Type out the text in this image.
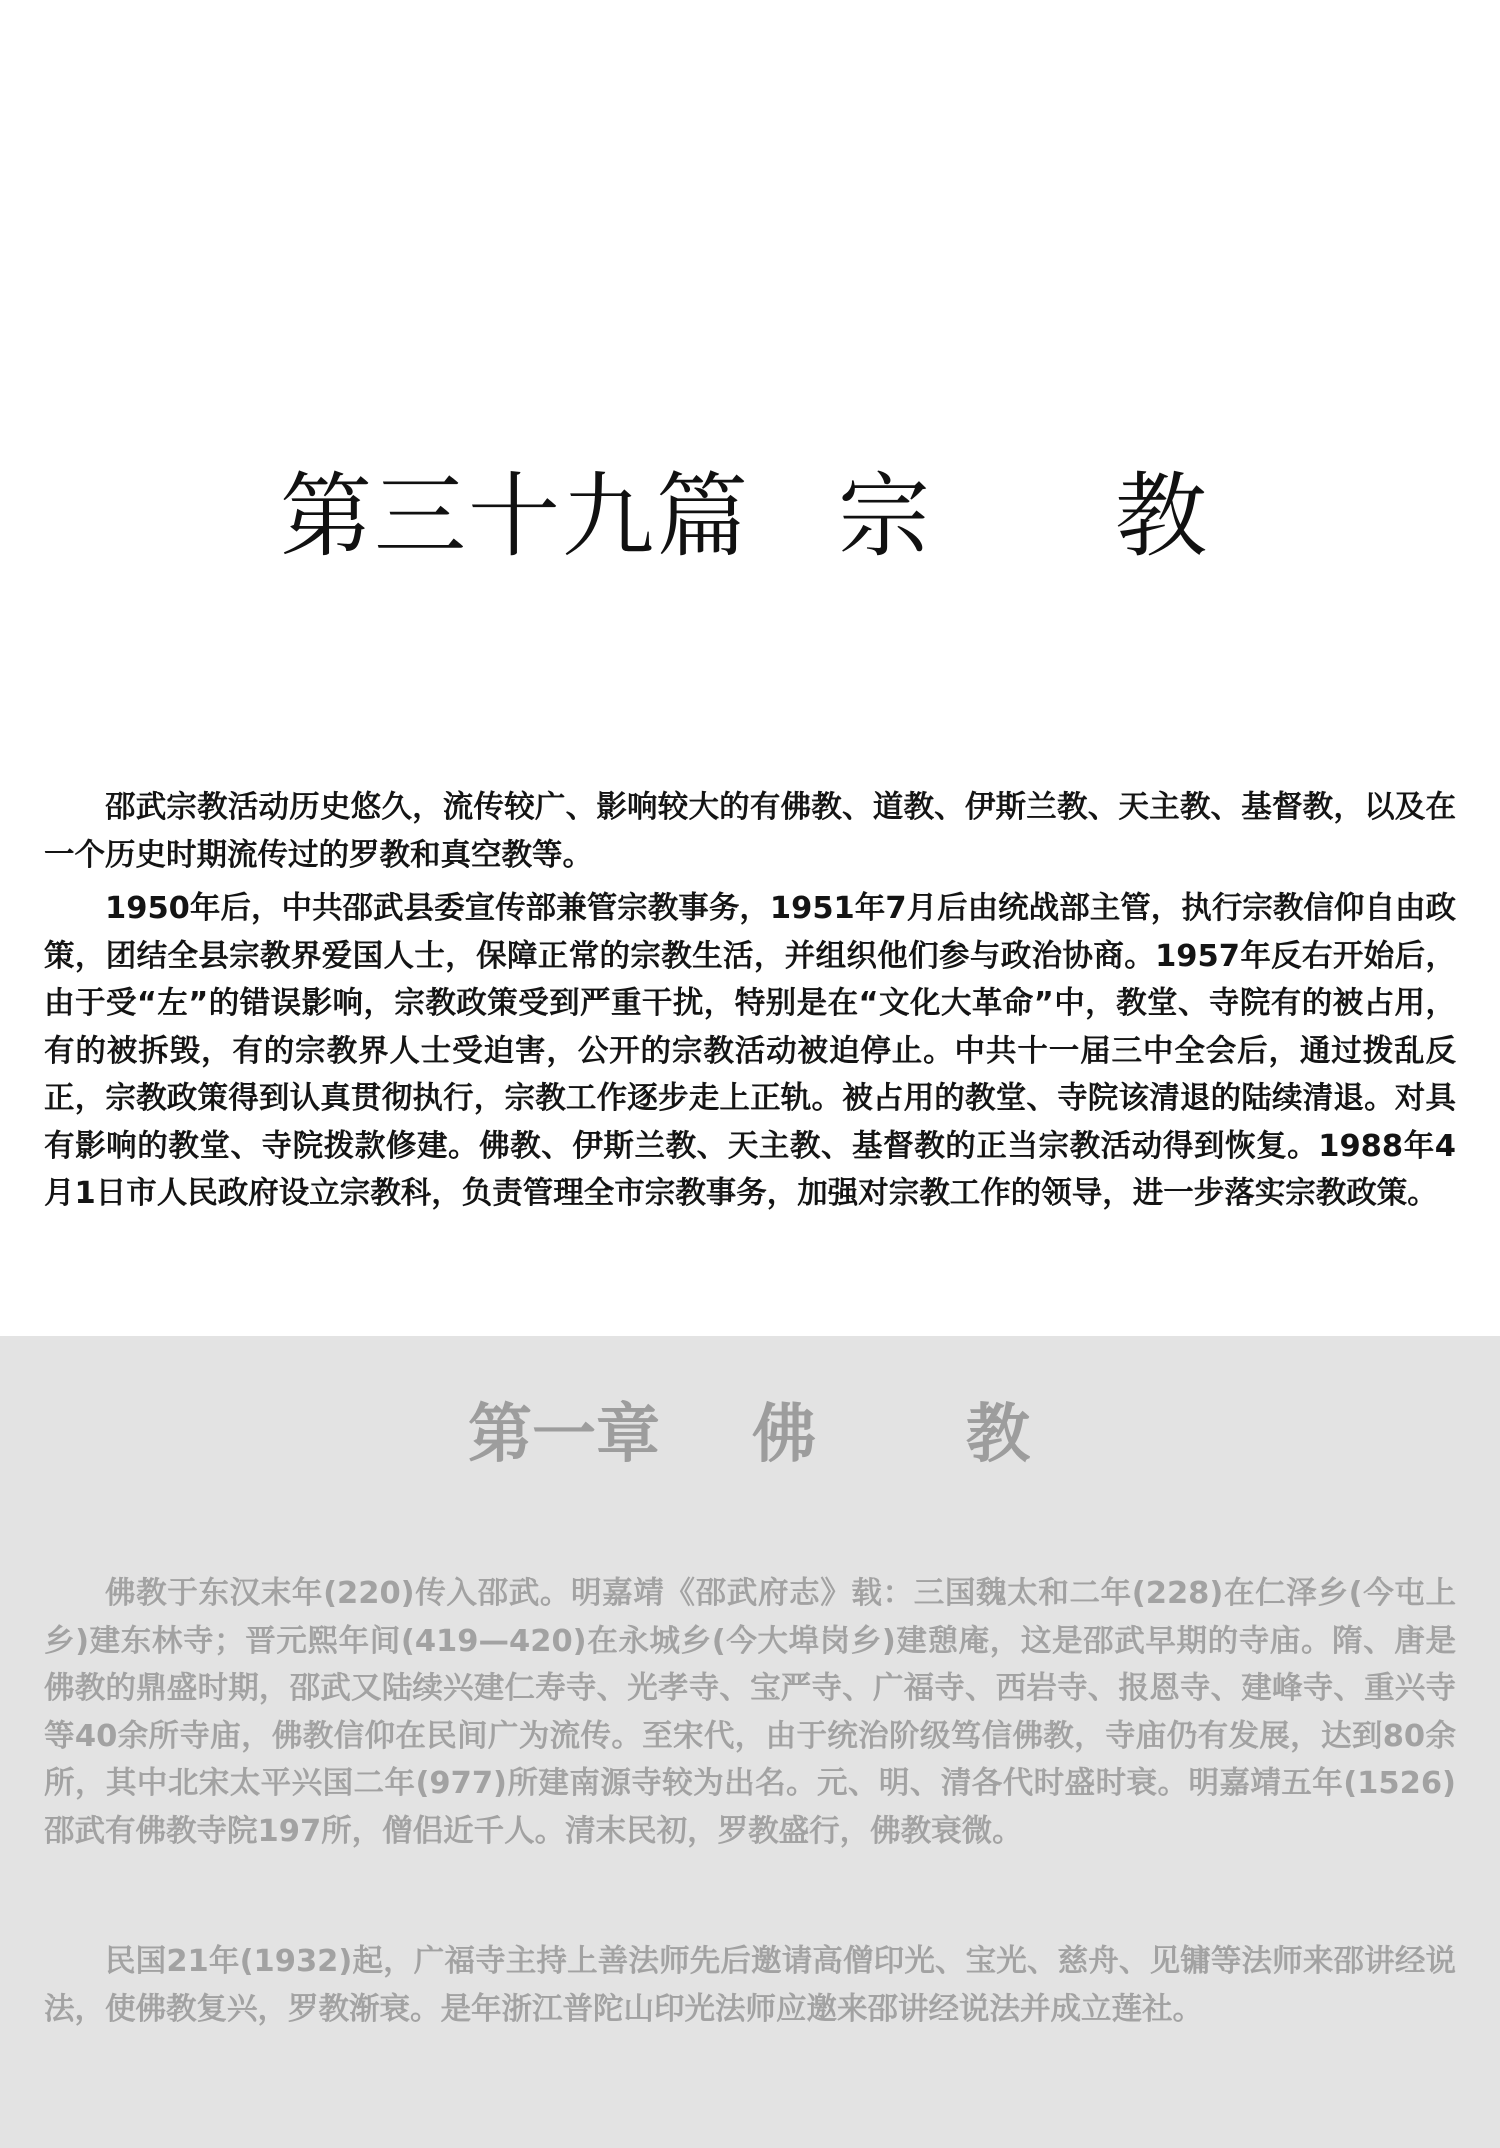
第三十九篇 宗 教

邵武宗教活动历史悠久，流传较广、影响较大的有佛教、道教、伊斯兰教、天主教、基督教，以及在一个历史时期流传过的罗教和真空教等。

1950年后，中共邵武县委宣传部兼管宗教事务，1951年7月后由统战部主管，执行宗教信仰自由政策，团结全县宗教界爱国人士，保障正常的宗教生活，并组织他们参与政治协商。1957年反右开始后，由于受“左”的错误影响，宗教政策受到严重干扰，特别是在“文化大革命”中，教堂、寺院有的被占用，有的被拆毁，有的宗教界人士受迫害，公开的宗教活动被迫停止。中共十一届三中全会后，通过拨乱反正，宗教政策得到认真贯彻执行，宗教工作逐步走上正轨。被占用的教堂、寺院该清退的陆续清退。对具有影响的教堂、寺院拨款修建。佛教、伊斯兰教、天主教、基督教的正当宗教活动得到恢复。1988年4月1日市人民政府设立宗教科，负责管理全市宗教事务，加强对宗教工作的领导，进一步落实宗教政策。

第一章 佛 教

佛教于东汉末年(220)传入邵武。明嘉靖《邵武府志》载：三国魏太和二年(228)在仁泽乡(今屯上乡)建东林寺；晋元熙年间(419—420)在永城乡(今大埠岗乡)建憩庵，这是邵武早期的寺庙。隋、唐是佛教的鼎盛时期，邵武又陆续兴建仁寿寺、光孝寺、宝严寺、广福寺、西岩寺、报恩寺、建峰寺、重兴寺等40余所寺庙，佛教信仰在民间广为流传。至宋代，由于统治阶级笃信佛教，寺庙仍有发展，达到80余所，其中北宋太平兴国二年(977)所建南源寺较为出名。元、明、清各代时盛时衰。明嘉靖五年(1526)邵武有佛教寺院197所，僧侣近千人。清末民初，罗教盛行，佛教衰微。

民国21年(1932)起，广福寺主持上善法师先后邀请高僧印光、宝光、慈舟、见镛等法师来邵讲经说法，使佛教复兴，罗教渐衰。是年浙江普陀山印光法师应邀来邵讲经说法并成立莲社。
